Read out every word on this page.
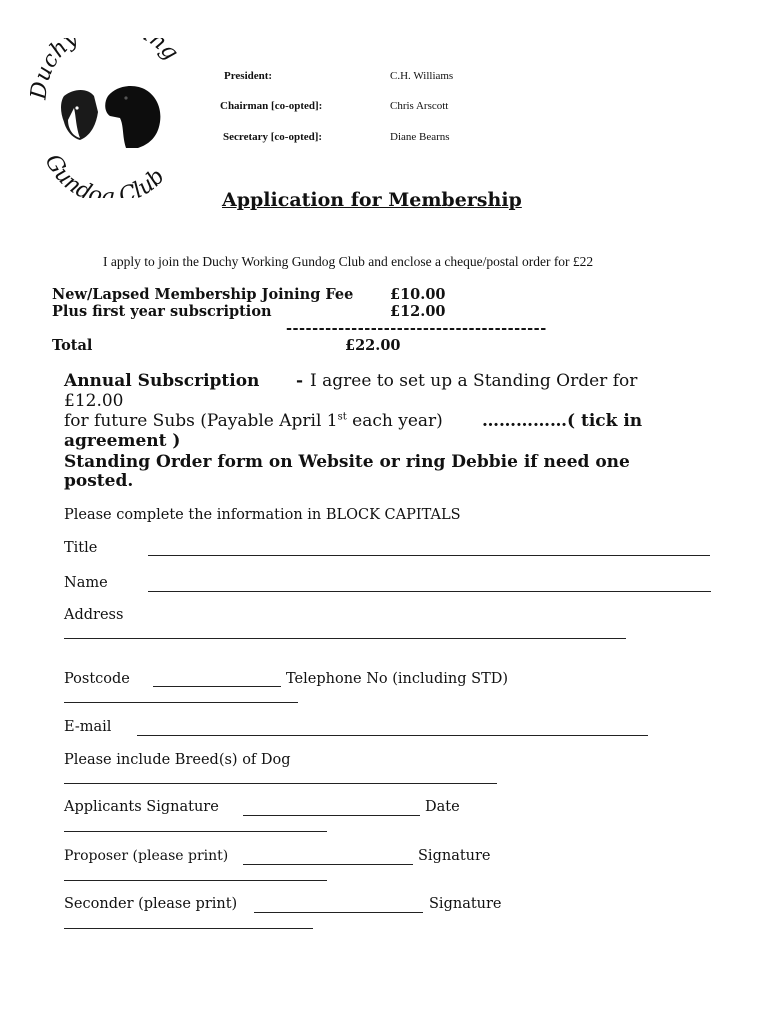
uchy ng
Gundog Club
President:	C.H. Williams
Chairman [co-opted]:	Chris Arscott
Secretary [co-opted]:	Diane Bearns
Application for Membership
I apply to join the Duchy Working Gundog Club and enclose a cheque/postal order for £22
New/Lapsed Membership Joining Fee	£10.00
Plus first year subscription	£12.00
----------------------------------------
Total	£22.00
Annual Subscription - I agree to set up a Standing Order for
£12.00
for future Subs (Payable April 1st each year) ……………( tick in
agreement )
Standing Order form on Website or ring Debbie if need one
posted.
Please complete the information in BLOCK CAPITALS
Title
Name
Address
Postcode	Telephone No (including STD)
E-mail
Please include Breed(s) of Dog
Applicants Signature	Date
Proposer (please print)	Signature
Seconder (please print)	Signature
